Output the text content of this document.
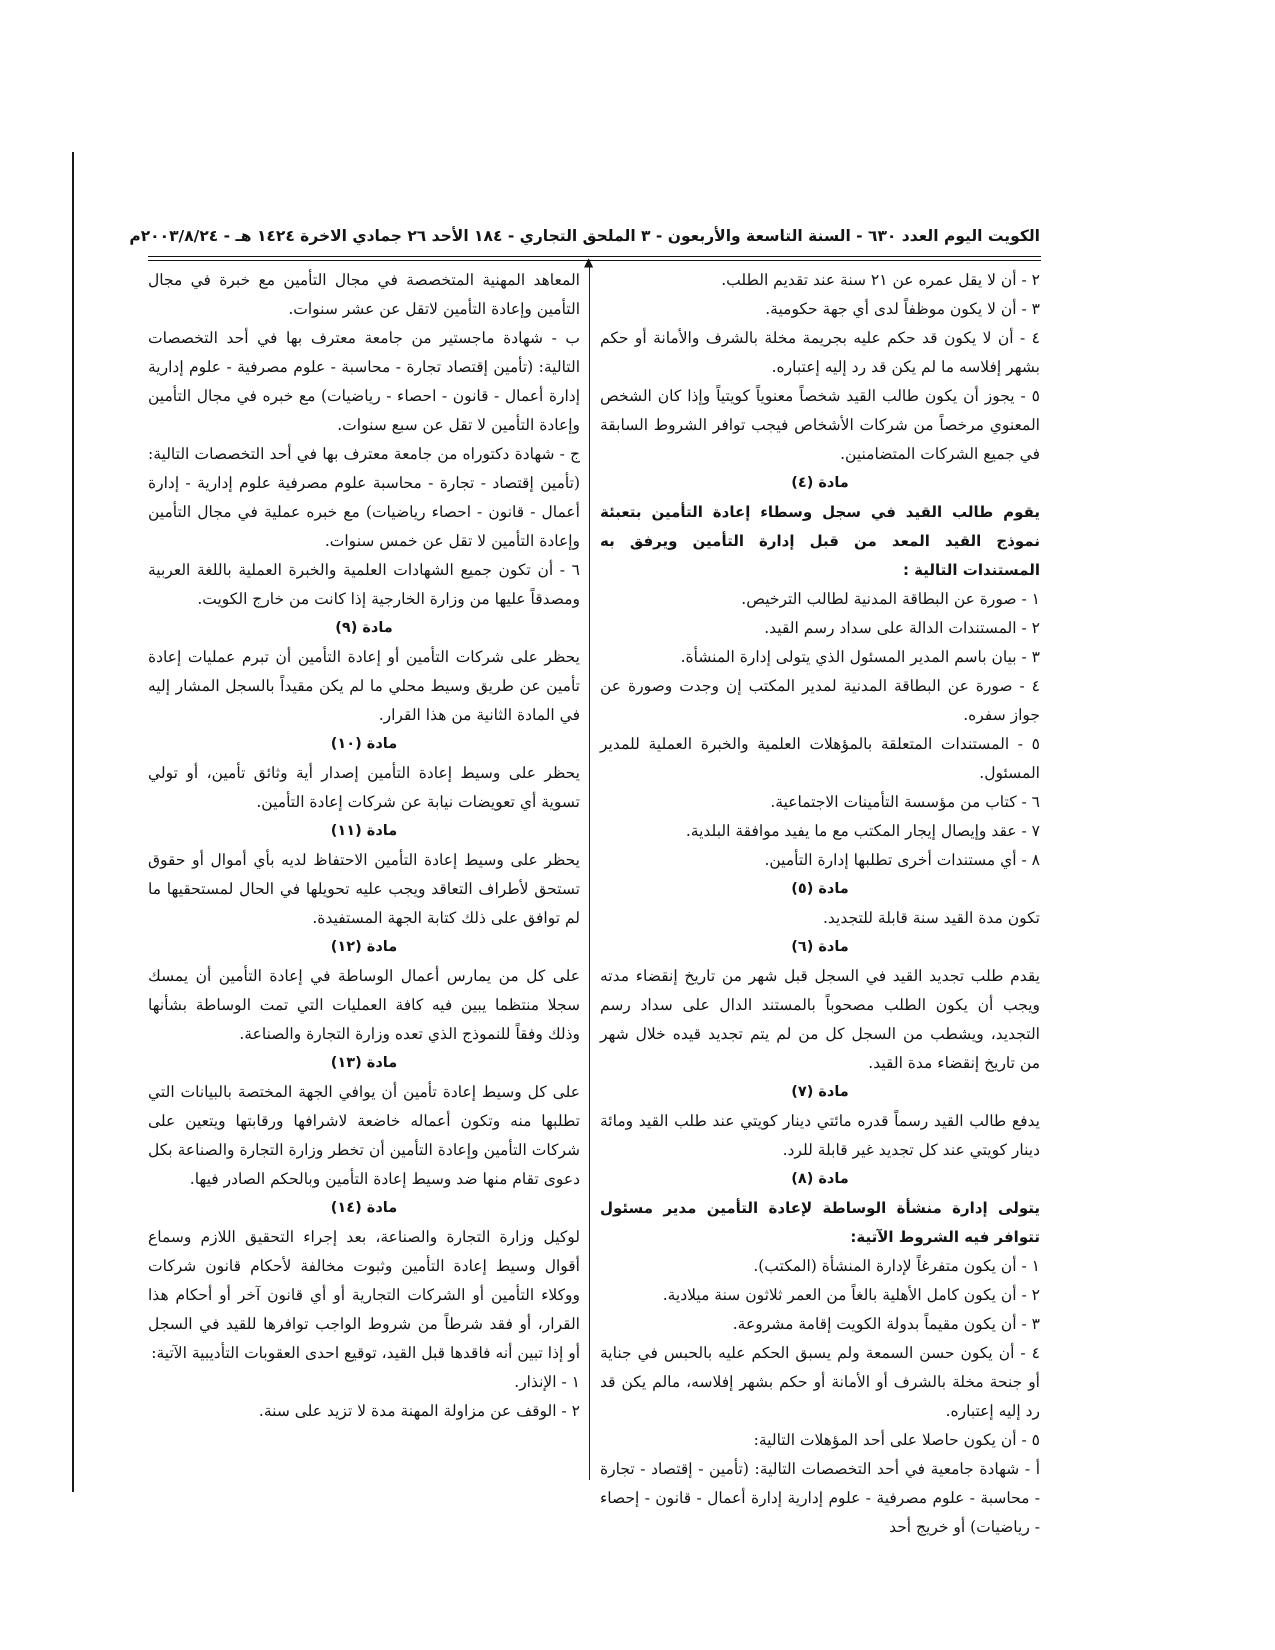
الكويت اليوم العدد ٦٣٠ - السنة التاسعة والأربعون - ٣ الملحق التجاري - ١٨٤ الأحد ٢٦ جمادي الاخرة ١٤٢٤ هـ - ٢٠٠٣/٨/٢٤م
▲

٢ - أن لا يقل عمره عن ٢١ سنة عند تقديم الطلب.

٣ - أن لا يكون موظفاً لدى أي جهة حكومية.

٤ - أن لا يكون قد حكم عليه بجريمة مخلة بالشرف والأمانة أو حكم بشهر إفلاسه ما لم يكن قد رد إليه إعتباره.

٥ - يجوز أن يكون طالب القيد شخصاً معنوياً كويتياً وإذا كان الشخص المعنوي مرخصاً من شركات الأشخاص فيجب توافر الشروط السابقة في جميع الشركات المتضامنين.

مادة (٤)

يقوم طالب القيد في سجل وسطاء إعادة التأمين بتعبئة نموذج القيد المعد من قبل إدارة التأمين ويرفق به المستندات التالية :

١ - صورة عن البطاقة المدنية لطالب الترخيص.

٢ - المستندات الدالة على سداد رسم القيد.

٣ - بيان باسم المدير المسئول الذي يتولى إدارة المنشأة.

٤ - صورة عن البطاقة المدنية لمدير المكتب إن وجدت وصورة عن جواز سفره.

٥ - المستندات المتعلقة بالمؤهلات العلمية والخبرة العملية للمدير المسئول.

٦ - كتاب من مؤسسة التأمينات الاجتماعية.

٧ - عقد وإيصال إيجار المكتب مع ما يفيد موافقة البلدية.

٨ - أي مستندات أخرى تطلبها إدارة التأمين.

مادة (٥)

تكون مدة القيد سنة قابلة للتجديد.

مادة (٦)

يقدم طلب تجديد القيد في السجل قبل شهر من تاريخ إنقضاء مدته ويجب أن يكون الطلب مصحوباً بالمستند الدال على سداد رسم التجديد، ويشطب من السجل كل من لم يتم تجديد قيده خلال شهر من تاريخ إنقضاء مدة القيد.

مادة (٧)

يدفع طالب القيد رسماً قدره مائتي دينار كويتي عند طلب القيد ومائة دينار كويتي عند كل تجديد غير قابلة للرد.

مادة (٨)

يتولى إدارة منشأة الوساطة لإعادة التأمين مدير مسئول تتوافر فيه الشروط الآتية:

١ - أن يكون متفرغاً لإدارة المنشأة (المكتب).

٢ - أن يكون كامل الأهلية بالغاً من العمر ثلاثون سنة ميلادية.

٣ - أن يكون مقيماً بدولة الكويت إقامة مشروعة.

٤ - أن يكون حسن السمعة ولم يسبق الحكم عليه بالحبس في جناية أو جنحة مخلة بالشرف أو الأمانة أو حكم بشهر إفلاسه، مالم يكن قد رد إليه إعتباره.

٥ - أن يكون حاصلا على أحد المؤهلات التالية:

أ - شهادة جامعية في أحد التخصصات التالية: (تأمين - إقتصاد - تجارة - محاسبة - علوم مصرفية - علوم إدارية إدارة أعمال - قانون - إحصاء - رياضيات) أو خريج أحد

المعاهد المهنية المتخصصة في مجال التأمين مع خبرة في مجال التأمين وإعادة التأمين لاتقل عن عشر سنوات.

ب - شهادة ماجستير من جامعة معترف بها في أحد التخصصات التالية: (تأمين إقتصاد تجارة - محاسبة - علوم مصرفية - علوم إدارية إدارة أعمال - قانون - احصاء - رياضيات) مع خبره في مجال التأمين وإعادة التأمين لا تقل عن سبع سنوات.

ج - شهادة دكتوراه من جامعة معترف بها في أحد التخصصات التالية: (تأمين إقتصاد - تجارة - محاسبة علوم مصرفية علوم إدارية - إدارة أعمال - قانون - احصاء رياضيات) مع خبره عملية في مجال التأمين وإعادة التأمين لا تقل عن خمس سنوات.

٦ - أن تكون جميع الشهادات العلمية والخبرة العملية باللغة العربية ومصدقاً عليها من وزارة الخارجية إذا كانت من خارج الكويت.

مادة (٩)

يحظر على شركات التأمين أو إعادة التأمين أن تبرم عمليات إعادة تأمين عن طريق وسيط محلي ما لم يكن مقيداً بالسجل المشار إليه في المادة الثانية من هذا القرار.

مادة (١٠)

يحظر على وسيط إعادة التأمين إصدار أية وثائق تأمين، أو تولي تسوية أي تعويضات نيابة عن شركات إعادة التأمين.

مادة (١١)

يحظر على وسيط إعادة التأمين الاحتفاظ لديه بأي أموال أو حقوق تستحق لأطراف التعاقد ويجب عليه تحويلها في الحال لمستحقيها ما لم توافق على ذلك كتابة الجهة المستفيدة.

مادة (١٢)

على كل من يمارس أعمال الوساطة في إعادة التأمين أن يمسك سجلا منتظما يبين فيه كافة العمليات التي تمت الوساطة بشأنها وذلك وفقاً للنموذج الذي تعده وزارة التجارة والصناعة.

مادة (١٣)

على كل وسيط إعادة تأمين أن يوافي الجهة المختصة بالبيانات التي تطلبها منه وتكون أعماله خاضعة لاشرافها ورقابتها ويتعين على شركات التأمين وإعادة التأمين أن تخطر وزارة التجارة والصناعة بكل دعوى تقام منها ضد وسيط إعادة التأمين وبالحكم الصادر فيها.

مادة (١٤)

لوكيل وزارة التجارة والصناعة، بعد إجراء التحقيق اللازم وسماع أقوال وسيط إعادة التأمين وثبوت مخالفة لأحكام قانون شركات ووكلاء التأمين أو الشركات التجارية أو أي قانون آخر أو أحكام هذا القرار، أو فقد شرطاً من شروط الواجب توافرها للقيد في السجل أو إذا تبين أنه فاقدها قبل القيد، توقيع احدى العقوبات التأديبية الآتية:

١ - الإنذار.

٢ - الوقف عن مزاولة المهنة مدة لا تزيد على سنة.
